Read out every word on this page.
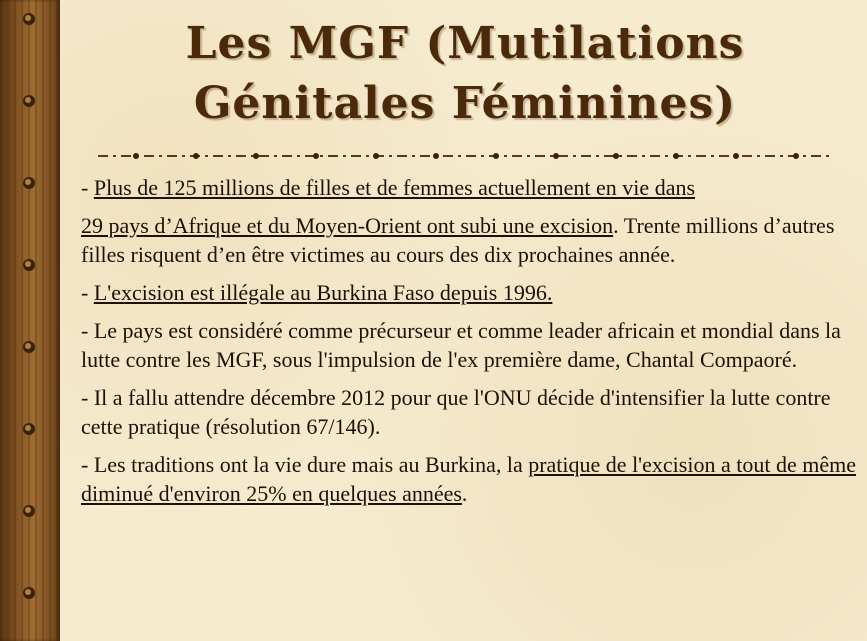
Les MGF (Mutilations Génitales Féminines)

- Plus de 125 millions de filles et de femmes actuellement en vie dans

29 pays d’Afrique et du Moyen-Orient ont subi une excision. Trente millions d’autres filles risquent d’en être victimes au cours des dix prochaines année.

- L'excision est illégale au Burkina Faso depuis 1996.

- Le pays est considéré comme précurseur et comme leader africain et mondial dans la lutte contre les MGF, sous l'impulsion de l'ex première dame, Chantal Compaoré.

- Il a fallu attendre décembre 2012 pour que l'ONU décide d'intensifier la lutte contre cette pratique (résolution 67/146).

- Les traditions ont la vie dure mais au Burkina, la pratique de l'excision a tout de même diminué d'environ 25% en quelques années.
